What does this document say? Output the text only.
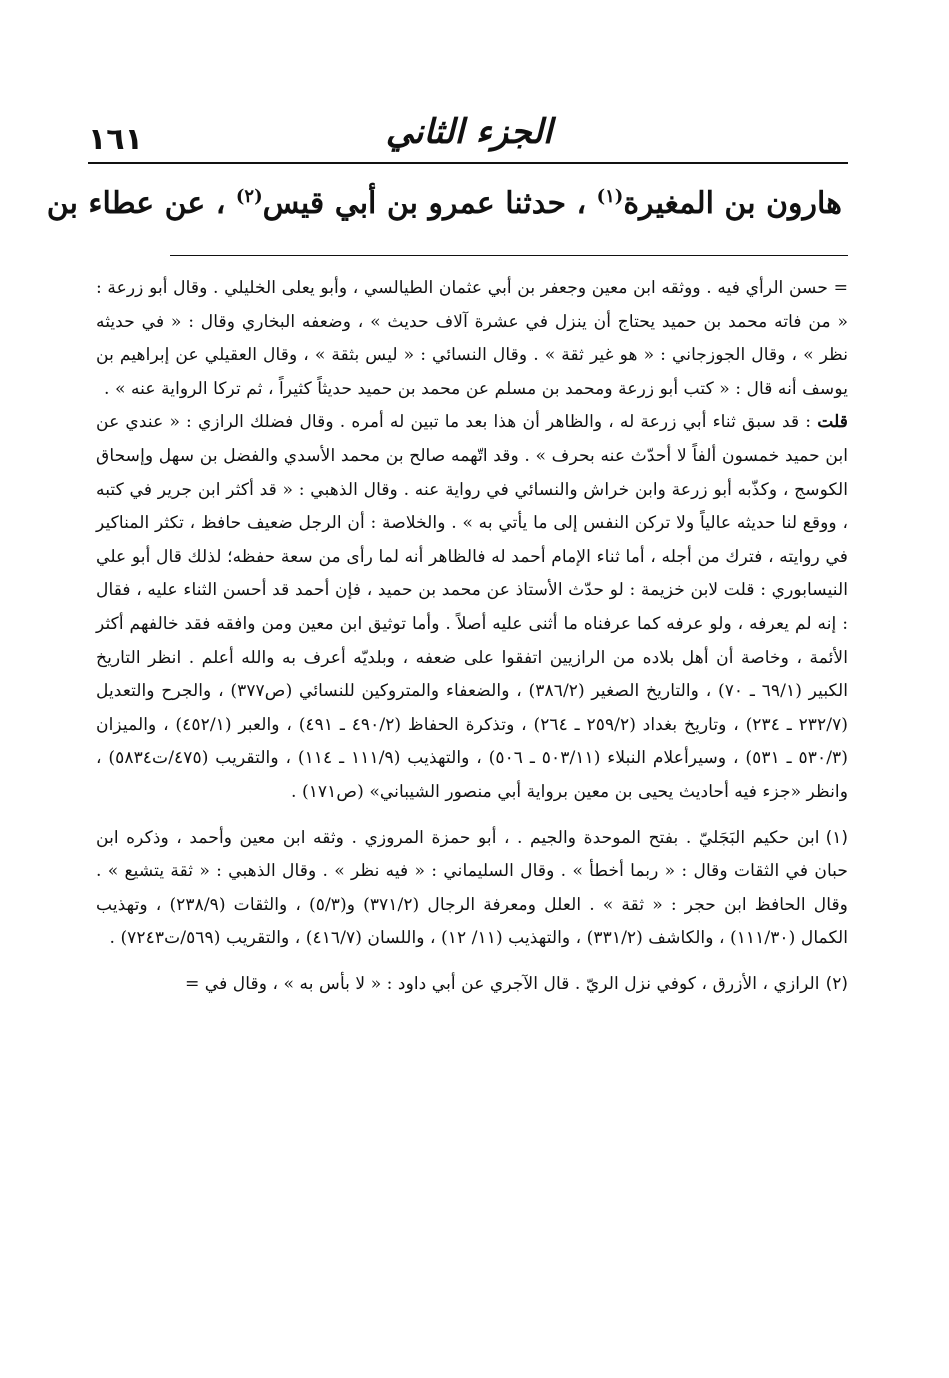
الجزء الثاني
١٦١
هارون بن المغيرة$^{(١)}$ ، حدثنا عمرو بن أبي قيس$^{(٢)}$ ، عن عطاء بن

= حسن الرأي فيه . ووثقه ابن معين وجعفر بن أبي عثمان الطيالسي ، وأبو يعلى الخليلي . وقال أبو زرعة : « من فاته محمد بن حميد يحتاج أن ينزل في عشرة آلاف حديث » ، وضعفه البخاري وقال : « في حديثه نظر » ، وقال الجوزجاني : « هو غير ثقة » . وقال النسائي : « ليس بثقة » ، وقال العقيلي عن إبراهيم بن يوسف أنه قال : « كتب أبو زرعة ومحمد بن مسلم عن محمد بن حميد حديثاً كثيراً ، ثم تركا الرواية عنه » .

قلت : قد سبق ثناء أبي زرعة له ، والظاهر أن هذا بعد ما تبين له أمره . وقال فضلك الرازي : « عندي عن ابن حميد خمسون ألفاً لا أحدّث عنه بحرف » . وقد اتّهمه صالح بن محمد الأسدي والفضل بن سهل وإسحاق الكوسج ، وكذّبه أبو زرعة وابن خراش والنسائي في رواية عنه . وقال الذهبي : « قد أكثر ابن جرير في كتبه ، ووقع لنا حديثه عالياً ولا تركن النفس إلى ما يأتي به » . والخلاصة : أن الرجل ضعيف حافظ ، تكثر المناكير في روايته ، فترك من أجله ، أما ثناء الإمام أحمد له فالظاهر أنه لما رأى من سعة حفظه؛ لذلك قال أبو علي النيسابوري : قلت لابن خزيمة : لو حدّث الأستاذ عن محمد بن حميد ، فإن أحمد قد أحسن الثناء عليه ، فقال : إنه لم يعرفه ، ولو عرفه كما عرفناه ما أثنى عليه أصلاً . وأما توثيق ابن معين ومن وافقه فقد خالفهم أكثر الأئمة ، وخاصة أن أهل بلاده من الرازيين اتفقوا على ضعفه ، وبلديّه أعرف به والله أعلم . انظر التاريخ الكبير (٦٩/١ ـ ٧٠) ، والتاريخ الصغير (٣٨٦/٢) ، والضعفاء والمتروكين للنسائي (ص٣٧٧) ، والجرح والتعديل (٢٣٢/٧ ـ ٢٣٤) ، وتاريخ بغداد (٢٥٩/٢ ـ ٢٦٤) ، وتذكرة الحفاظ (٤٩٠/٢ ـ ٤٩١) ، والعبر (٤٥٢/١) ، والميزان (٥٣٠/٣ ـ ٥٣١) ، وسيرأعلام النبلاء (٥٠٣/١١ ـ ٥٠٦) ، والتهذيب (١١١/٩ ـ ١١٤) ، والتقريب (٤٧٥/ت٥٨٣٤) ، وانظر «جزء فيه أحاديث يحيى بن معين برواية أبي منصور الشيباني» (ص١٧١) .

(١)ابن حكيم البَجَليّ . بفتح الموحدة والجيم . ، أبو حمزة المروزي . وثقه ابن معين وأحمد ، وذكره ابن حبان في الثقات وقال : « ربما أخطأ » . وقال السليماني : « فيه نظر » . وقال الذهبي : « ثقة يتشيع » . وقال الحافظ ابن حجر : « ثقة » . العلل ومعرفة الرجال (٣٧١/٢) و(٥/٣) ، والثقات (٢٣٨/٩) ، وتهذيب الكمال (١١١/٣٠) ، والكاشف (٣٣١/٢) ، والتهذيب (١١/ ١٢) ، واللسان (٤١٦/٧) ، والتقريب (٥٦٩/ت٧٢٤٣) .

(٢)الرازي ، الأزرق ، كوفي نزل الريّ . قال الآجري عن أبي داود : « لا بأس به » ، وقال في =
